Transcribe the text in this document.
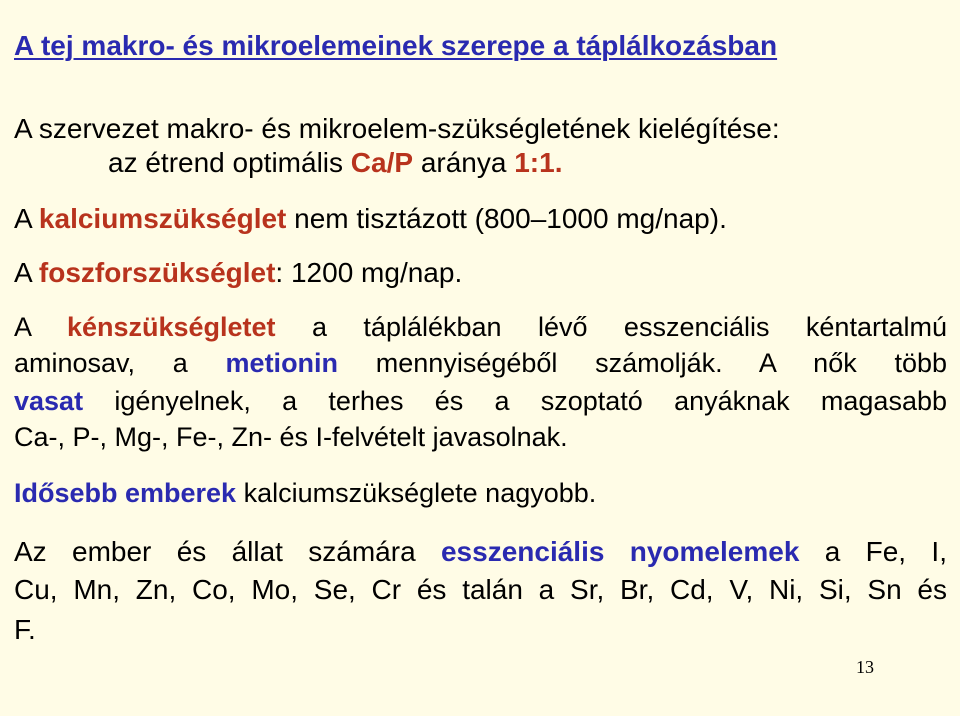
A tej makro- és mikroelemeinek szerepe a táplálkozásban
A szervezet makro- és mikroelem-szükségletének kielégítése:
az étrend optimális Ca/P aránya 1:1.
A kalciumszükséglet nem tisztázott (800–1000 mg/nap).
A foszforszükséglet: 1200 mg/nap.
A kénszükségletet a táplálékban lévő esszenciális kéntartalmú
aminosav, a metionin mennyiségéből számolják. A nők több
vasat igényelnek, a terhes és a szoptató anyáknak magasabb
Ca-, P-, Mg-, Fe-, Zn- és I-felvételt javasolnak.
Idősebb emberek kalciumszükséglete nagyobb.
Az ember és állat számára esszenciális nyomelemek a Fe, I,
Cu, Mn, Zn, Co, Mo, Se, Cr és talán a Sr, Br, Cd, V, Ni, Si, Sn és
F.
13
